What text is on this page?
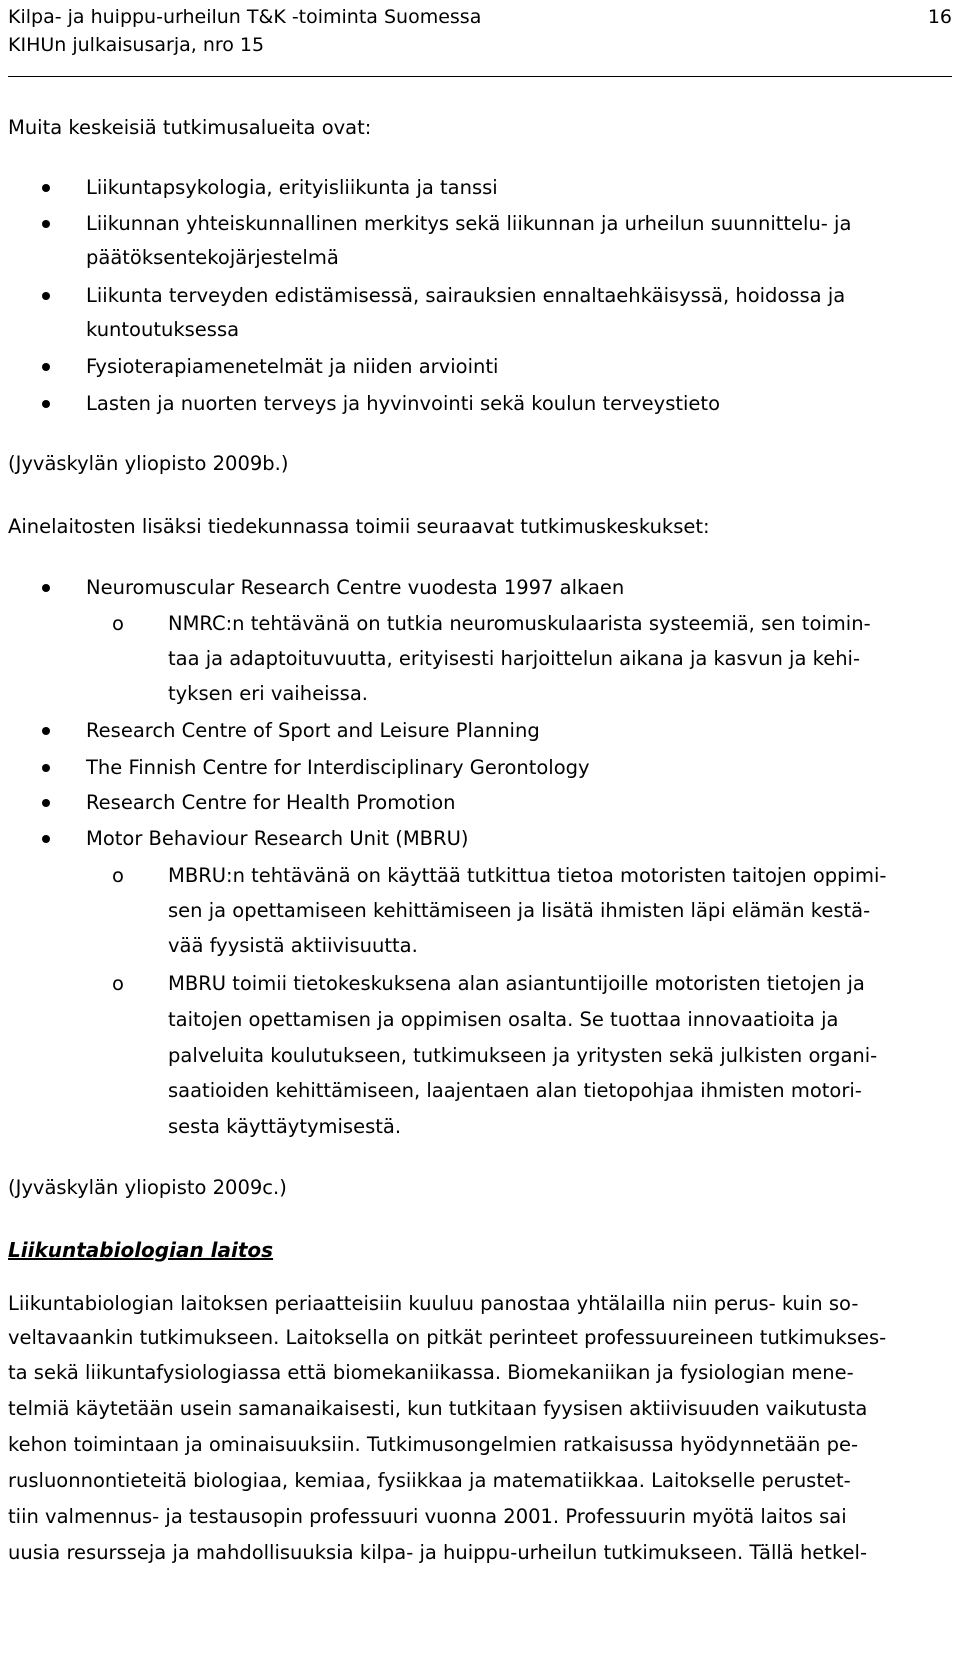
Kilpa- ja huippu-urheilun T&K -toiminta Suomessa
KIHUn julkaisusarja, nro 15
16
Muita keskeisiä tutkimusalueita ovat:
Liikuntapsykologia, erityisliikunta ja tanssi
Liikunnan yhteiskunnallinen merkitys sekä liikunnan ja urheilun suunnittelu- ja
päätöksentekojärjestelmä
Liikunta terveyden edistämisessä, sairauksien ennaltaehkäisyssä, hoidossa ja
kuntoutuksessa
Fysioterapiamenetelmät ja niiden arviointi
Lasten ja nuorten terveys ja hyvinvointi sekä koulun terveystieto
(Jyväskylän yliopisto 2009b.)
Ainelaitosten lisäksi tiedekunnassa toimii seuraavat tutkimuskeskukset:
Neuromuscular Research Centre vuodesta 1997 alkaen
o NMRC:n tehtävänä on tutkia neuromuskulaarista systeemiä, sen toimin-
taa ja adaptoituvuutta, erityisesti harjoittelun aikana ja kasvun ja kehi-
tyksen eri vaiheissa.
Research Centre of Sport and Leisure Planning
The Finnish Centre for Interdisciplinary Gerontology
Research Centre for Health Promotion
Motor Behaviour Research Unit (MBRU)
o MBRU:n tehtävänä on käyttää tutkittua tietoa motoristen taitojen oppimi-
sen ja opettamiseen kehittämiseen ja lisätä ihmisten läpi elämän kestä-
vää fyysistä aktiivisuutta.
o MBRU toimii tietokeskuksena alan asiantuntijoille motoristen tietojen ja
taitojen opettamisen ja oppimisen osalta. Se tuottaa innovaatioita ja
palveluita koulutukseen, tutkimukseen ja yritysten sekä julkisten organi-
saatioiden kehittämiseen, laajentaen alan tietopohjaa ihmisten motori-
sesta käyttäytymisestä.
(Jyväskylän yliopisto 2009c.)
Liikuntabiologian laitos
Liikuntabiologian laitoksen periaatteisiin kuuluu panostaa yhtälailla niin perus- kuin so-
veltavaankin tutkimukseen. Laitoksella on pitkät perinteet professuureineen tutkimukses-
ta sekä liikuntafysiologiassa että biomekaniikassa. Biomekaniikan ja fysiologian mene-
telmiä käytetään usein samanaikaisesti, kun tutkitaan fyysisen aktiivisuuden vaikutusta
kehon toimintaan ja ominaisuuksiin. Tutkimusongelmien ratkaisussa hyödynnetään pe-
rusluonnontieteitä biologiaa, kemiaa, fysiikkaa ja matematiikkaa. Laitokselle perustet-
tiin valmennus- ja testausopin professuuri vuonna 2001. Professuurin myötä laitos sai
uusia resursseja ja mahdollisuuksia kilpa- ja huippu-urheilun tutkimukseen. Tällä hetkel-
